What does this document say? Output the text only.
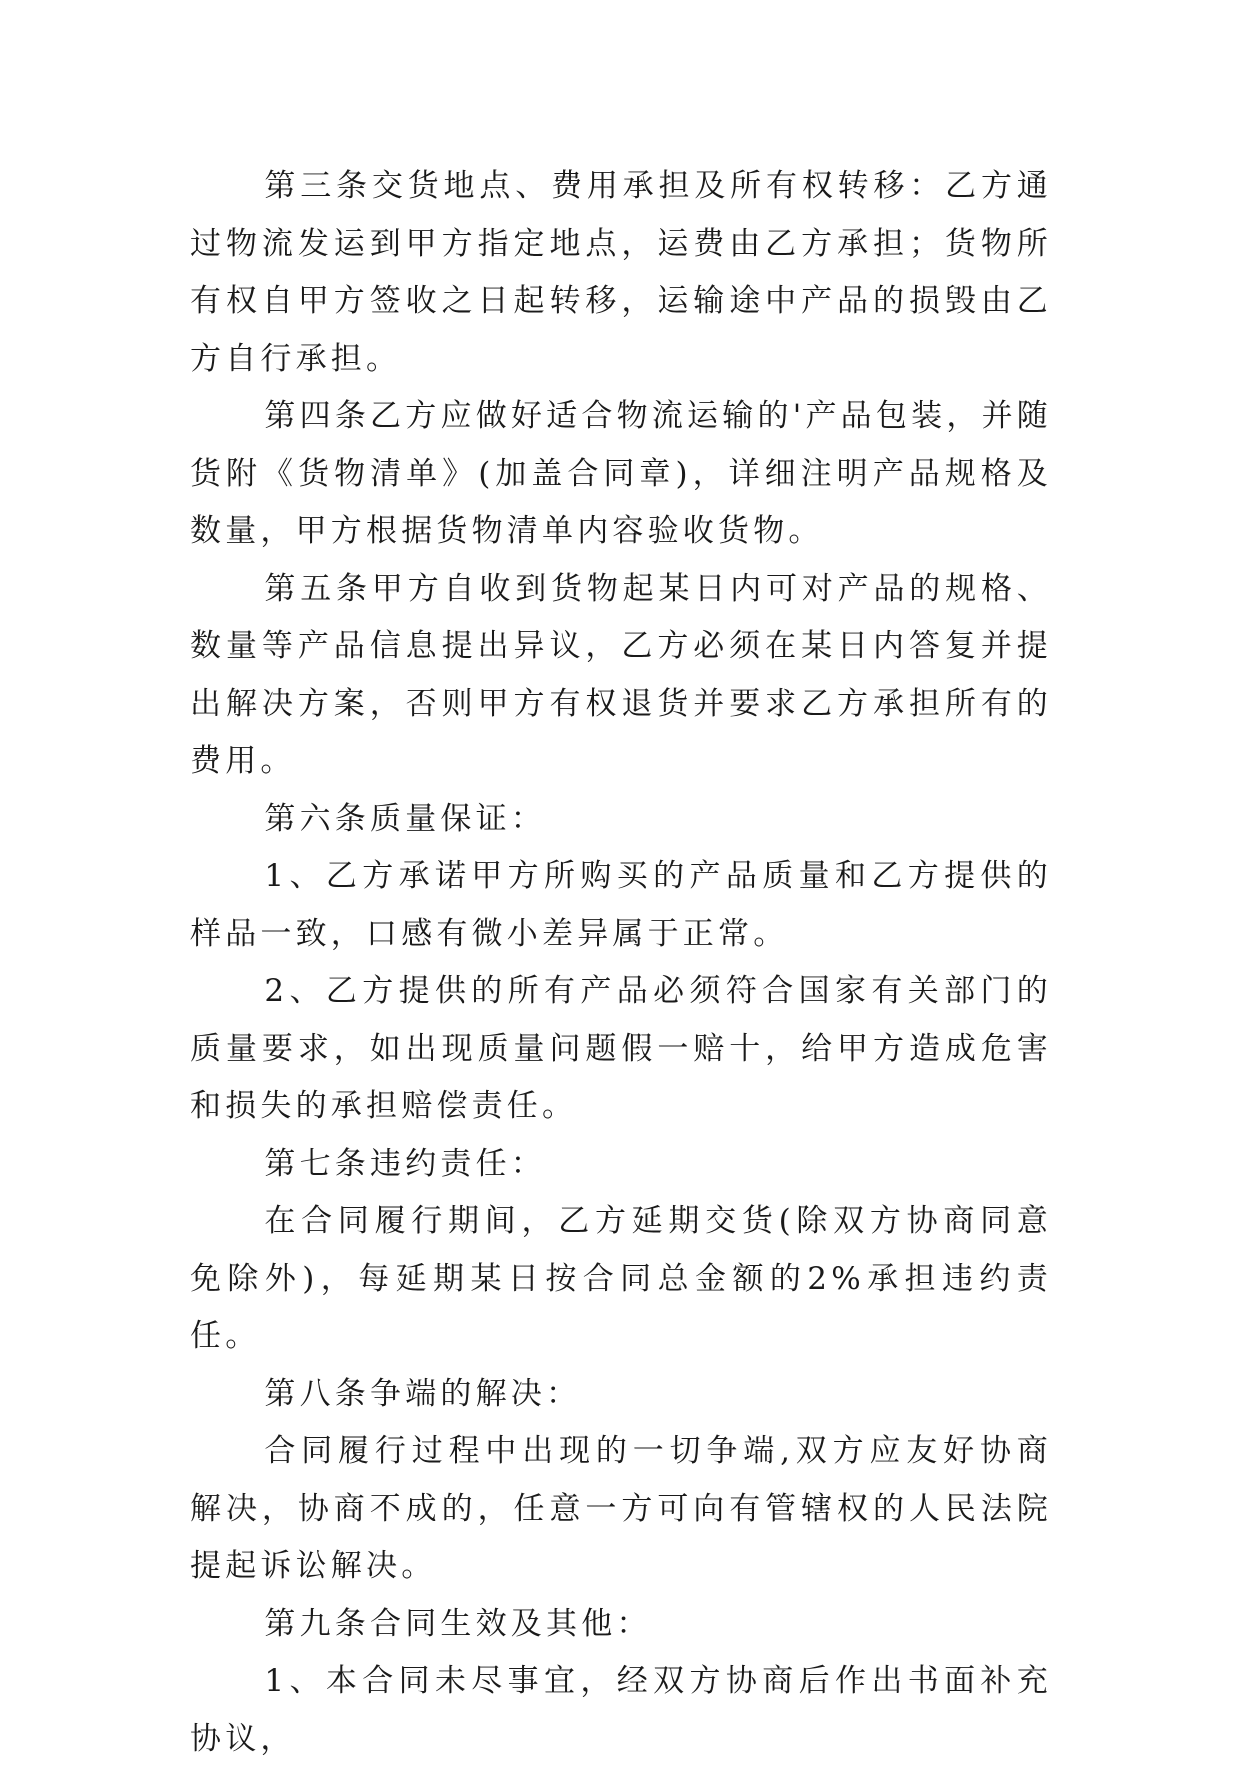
第三条交货地点、费用承担及所有权转移：乙方通过物流发运到甲方指定地点，运费由乙方承担；货物所有权自甲方签收之日起转移，运输途中产品的损毁由乙方自行承担。

第四条乙方应做好适合物流运输的'产品包装，并随货附《货物清单》(加盖合同章)，详细注明产品规格及数量，甲方根据货物清单内容验收货物。

第五条甲方自收到货物起某日内可对产品的规格、数量等产品信息提出异议，乙方必须在某日内答复并提出解决方案，否则甲方有权退货并要求乙方承担所有的费用。

第六条质量保证：

1、乙方承诺甲方所购买的产品质量和乙方提供的样品一致，口感有微小差异属于正常。

2、乙方提供的所有产品必须符合国家有关部门的质量要求，如出现质量问题假一赔十，给甲方造成危害和损失的承担赔偿责任。

第七条违约责任：

在合同履行期间，乙方延期交货(除双方协商同意免除外)，每延期某日按合同总金额的2%承担违约责任。

第八条争端的解决：

合同履行过程中出现的一切争端,双方应友好协商解决，协商不成的，任意一方可向有管辖权的人民法院提起诉讼解决。

第九条合同生效及其他：

1、本合同未尽事宜，经双方协商后作出书面补充协议，
